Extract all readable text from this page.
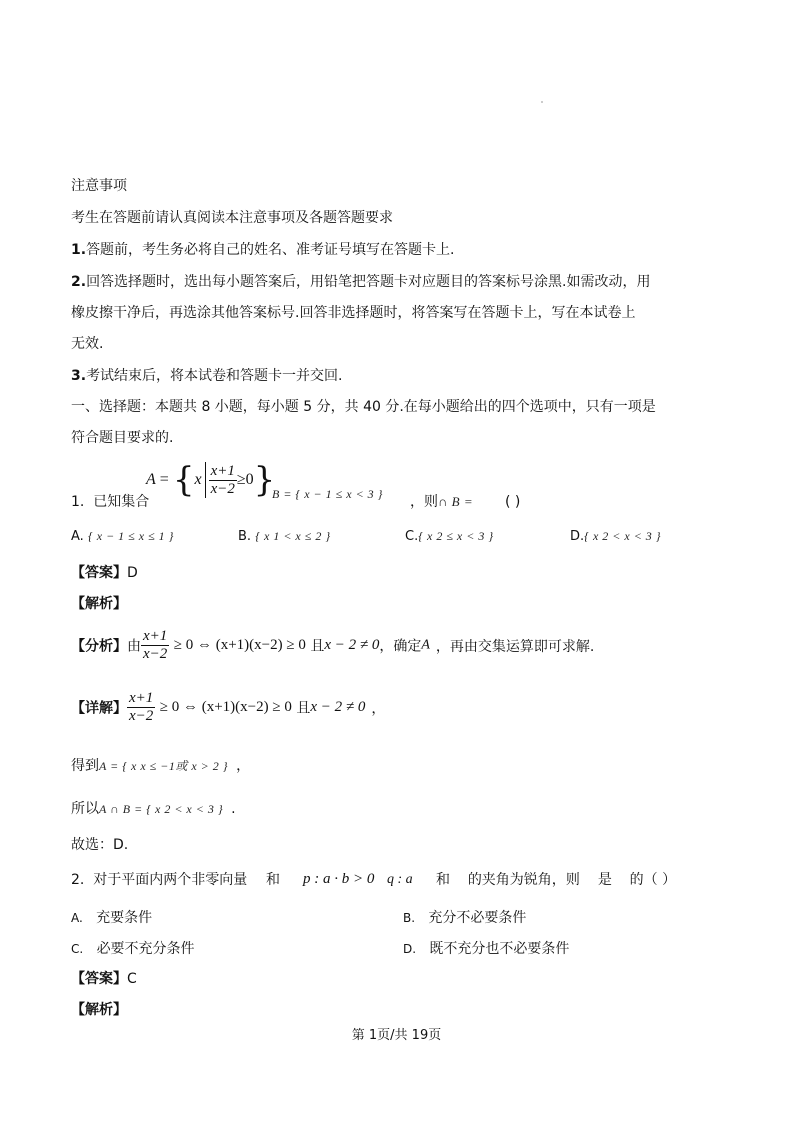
注意事项
考生在答题前请认真阅读本注意事项及各题答题要求
1.答题前，考生务必将自己的姓名、准考证号填写在答题卡上.
2.回答选择题时，选出每小题答案后，用铅笔把答题卡对应题目的答案标号涂黑.如需改动，用
橡皮擦干净后，再选涂其他答案标号.回答非选择题时，将答案写在答题卡上，写在本试卷上
无效.
3.考试结束后，将本试卷和答题卡一并交回.
一、选择题：本题共 8 小题，每小题 5 分，共 40 分.在每小题给出的四个选项中，只有一项是
符合题目要求的.
$A = \{x \frac{x+1}{x-2} \ge 0\}$
1. 已知集合	B = { x − 1 ≤ x < 3 } ，则∩ B = ( )
A. { x − 1 ≤ x ≤ 1 }	B. { x 1 < x ≤ 2 }	C.{ x 2 ≤ x < 3 }	D.{ x 2 < x < 3 }
【答案】D
【解析】
【分析】由 $\frac{x+1}{x-2} \ge 0$ ⇔ (x+1)(x−2) ≥ 0 且x − 2 ≠ 0，确定A ，再由交集运算即可求解.
【详解】 $\frac{x+1}{x-2} \ge 0$ ⇔ (x+1)(x−2) ≥ 0 且x − 2 ≠ 0 ，
得到A = { x x ≤ −1或 x > 2 } ，
所以A ∩ B = { x 2 < x < 3 } .
故选：D.
2. 对于平面内两个非零向量 和 p : a · b > 0 q : a 和 的夹角为锐角，则 是 的（ ）
A. 充要条件	B. 充分不必要条件
C. 必要不充分条件	D. 既不充分也不必要条件
【答案】C
【解析】
第 1页/共 19页
